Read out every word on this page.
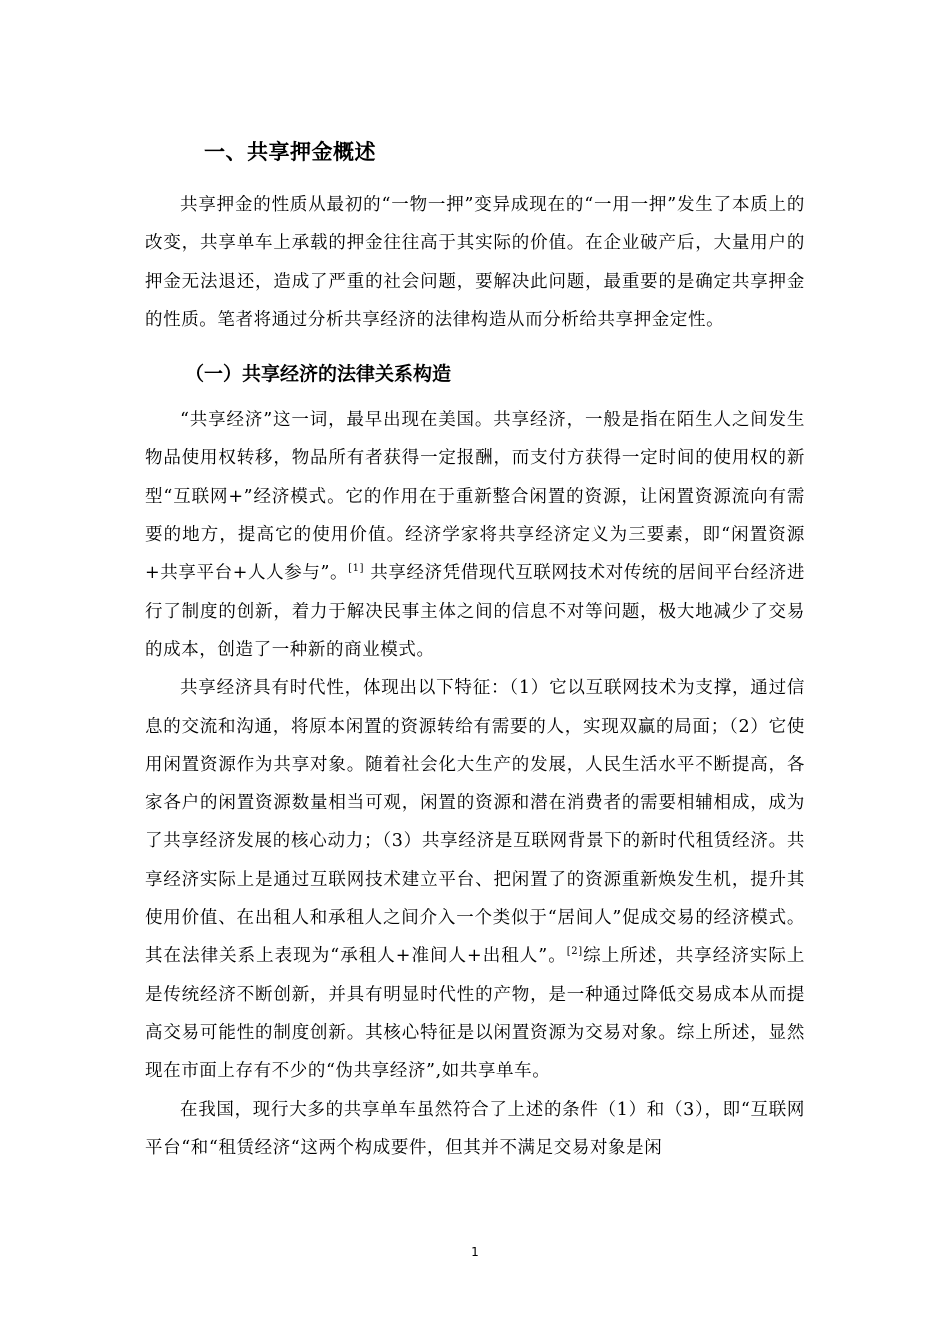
一、共享押金概述

共享押金的性质从最初的“一物一押”变异成现在的“一用一押”发生了本质上的改变，共享单车上承载的押金往往高于其实际的价值。在企业破产后，大量用户的押金无法退还，造成了严重的社会问题，要解决此问题，最重要的是确定共享押金的性质。笔者将通过分析共享经济的法律构造从而分析给共享押金定性。

（一）共享经济的法律关系构造

“共享经济”这一词，最早出现在美国。共享经济，一般是指在陌生人之间发生物品使用权转移，物品所有者获得一定报酬，而支付方获得一定时间的使用权的新型“互联网+”经济模式。它的作用在于重新整合闲置的资源，让闲置资源流向有需要的地方，提高它的使用价值。经济学家将共享经济定义为三要素，即“闲置资源+共享平台+人人参与”。[1] 共享经济凭借现代互联网技术对传统的居间平台经济进行了制度的创新，着力于解决民事主体之间的信息不对等问题，极大地减少了交易的成本，创造了一种新的商业模式。

共享经济具有时代性，体现出以下特征：（1）它以互联网技术为支撑，通过信息的交流和沟通，将原本闲置的资源转给有需要的人，实现双赢的局面；（2）它使用闲置资源作为共享对象。随着社会化大生产的发展，人民生活水平不断提高，各家各户的闲置资源数量相当可观，闲置的资源和潜在消费者的需要相辅相成，成为了共享经济发展的核心动力；（3）共享经济是互联网背景下的新时代租赁经济。共享经济实际上是通过互联网技术建立平台、把闲置了的资源重新焕发生机，提升其使用价值、在出租人和承租人之间介入一个类似于“居间人”促成交易的经济模式。其在法律关系上表现为“承租人+准间人+出租人”。[2]综上所述，共享经济实际上是传统经济不断创新，并具有明显时代性的产物，是一种通过降低交易成本从而提高交易可能性的制度创新。其核心特征是以闲置资源为交易对象。综上所述，显然现在市面上存有不少的“伪共享经济”,如共享单车。

在我国，现行大多的共享单车虽然符合了上述的条件（1）和（3），即“互联网平台“和“租赁经济“这两个构成要件，但其并不满足交易对象是闲

1
